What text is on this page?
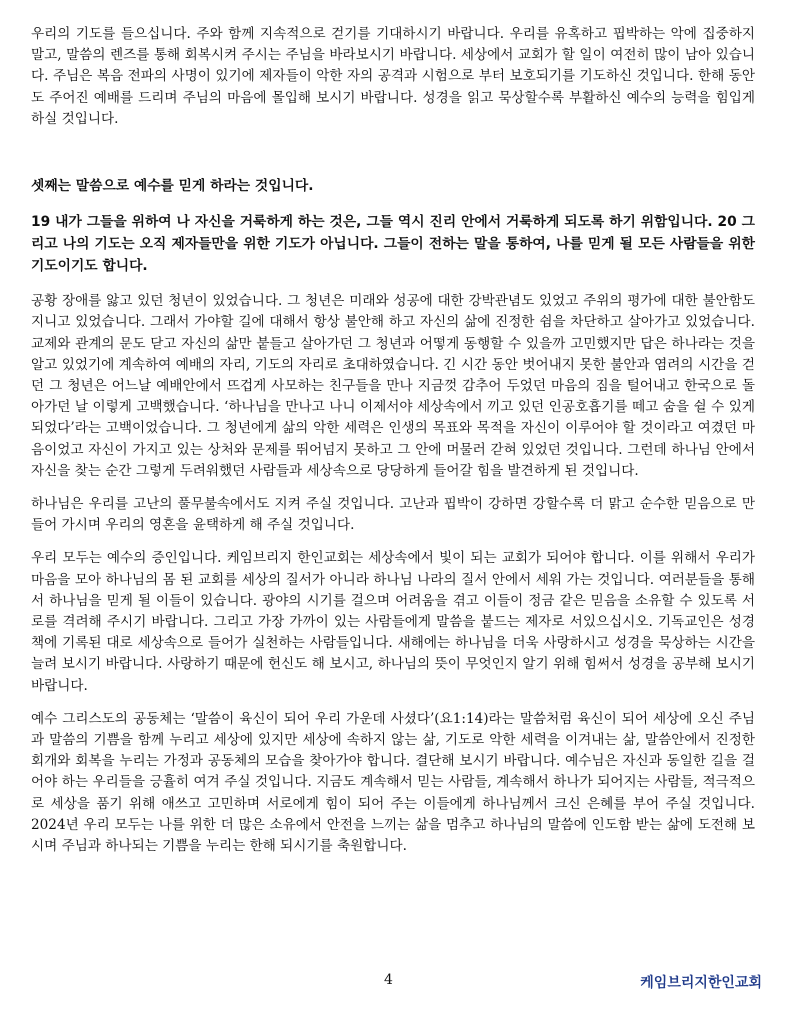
우리의 기도를 들으십니다. 주와 함께 지속적으로 걷기를 기대하시기 바랍니다. 우리를 유혹하고 핍박하는 악에 집중하지 말고, 말씀의 렌즈를 통해 회복시켜 주시는 주님을 바라보시기 바랍니다. 세상에서 교회가 할 일이 여전히 많이 남아 있습니다. 주님은 복음 전파의 사명이 있기에 제자들이 악한 자의 공격과 시험으로 부터 보호되기를 기도하신 것입니다. 한해 동안도 주어진 예배를 드리며 주님의 마음에 몰입해 보시기 바랍니다. 성경을 읽고 묵상할수록 부활하신 예수의 능력을 힘입게 하실 것입니다.

셋째는 말씀으로 예수를 믿게 하라는 것입니다.

19 내가 그들을 위하여 나 자신을 거룩하게 하는 것은, 그들 역시 진리 안에서 거룩하게 되도록 하기 위함입니다. 20 그리고 나의 기도는 오직 제자들만을 위한 기도가 아닙니다. 그들이 전하는 말을 통하여, 나를 믿게 될 모든 사람들을 위한 기도이기도 합니다.

공황 장애를 앓고 있던 청년이 있었습니다. 그 청년은 미래와 성공에 대한 강박관념도 있었고 주위의 평가에 대한 불안함도 지니고 있었습니다. 그래서 가야할 길에 대해서 항상 불안해 하고 자신의 삶에 진정한 쉼을 차단하고 살아가고 있었습니다. 교제와 관계의 문도 닫고 자신의 삶만 붙들고 살아가던 그 청년과 어떻게 동행할 수 있을까 고민했지만 답은 하나라는 것을 알고 있었기에 계속하여 예배의 자리, 기도의 자리로 초대하였습니다. 긴 시간 동안 벗어내지 못한 불안과 염려의 시간을 걷던 그 청년은 어느날 예배안에서 뜨겁게 사모하는 친구들을 만나 지금껏 감추어 두었던 마음의 짐을 털어내고 한국으로 돌아가던 날 이렇게 고백했습니다. ‘하나님을 만나고 나니 이제서야 세상속에서 끼고 있던 인공호흡기를 떼고 숨을 쉴 수 있게 되었다’라는 고백이었습니다. 그 청년에게 삶의 악한 세력은 인생의 목표와 목적을 자신이 이루어야 할 것이라고 여겼던 마음이었고 자신이 가지고 있는 상처와 문제를 뛰어넘지 못하고 그 안에 머물러 갇혀 있었던 것입니다. 그런데 하나님 안에서 자신을 찾는 순간 그렇게 두려워했던 사람들과 세상속으로 당당하게 들어갈 힘을 발견하게 된 것입니다.

하나님은 우리를 고난의 풀무불속에서도 지켜 주실 것입니다. 고난과 핍박이 강하면 강할수록 더 맑고 순수한 믿음으로 만들어 가시며 우리의 영혼을 윤택하게 해 주실 것입니다.

우리 모두는 예수의 증인입니다. 케임브리지 한인교회는 세상속에서 빛이 되는 교회가 되어야 합니다. 이를 위해서 우리가 마음을 모아 하나님의 몸 된 교회를 세상의 질서가 아니라 하나님 나라의 질서 안에서 세워 가는 것입니다. 여러분들을 통해서 하나님을 믿게 될 이들이 있습니다. 광야의 시기를 걸으며 어려움을 겪고 이들이 정금 같은 믿음을 소유할 수 있도록 서로를 격려해 주시기 바랍니다. 그리고 가장 가까이 있는 사람들에게 말씀을 붙드는 제자로 서있으십시오. 기독교인은 성경책에 기록된 대로 세상속으로 들어가 실천하는 사람들입니다. 새해에는 하나님을 더욱 사랑하시고 성경을 묵상하는 시간을 늘려 보시기 바랍니다. 사랑하기 때문에 헌신도 해 보시고, 하나님의 뜻이 무엇인지 알기 위해 힘써서 성경을 공부해 보시기 바랍니다.

예수 그리스도의 공동체는 ‘말씀이 육신이 되어 우리 가운데 사셨다’(요1:14)라는 말씀처럼 육신이 되어 세상에 오신 주님과 말씀의 기쁨을 함께 누리고 세상에 있지만 세상에 속하지 않는 삶, 기도로 악한 세력을 이겨내는 삶, 말씀안에서 진정한 회개와 회복을 누리는 가정과 공동체의 모습을 찾아가야 합니다. 결단해 보시기 바랍니다. 예수님은 자신과 동일한 길을 걸어야 하는 우리들을 긍휼히 여겨 주실 것입니다. 지금도 계속해서 믿는 사람들, 계속해서 하나가 되어지는 사람들, 적극적으로 세상을 품기 위해 애쓰고 고민하며 서로에게 힘이 되어 주는 이들에게 하나님께서 크신 은혜를 부어 주실 것입니다. 2024년 우리 모두는 나를 위한 더 많은 소유에서 안전을 느끼는 삶을 멈추고 하나님의 말씀에 인도함 받는 삶에 도전해 보시며 주님과 하나되는 기쁨을 누리는 한해 되시기를 축원합니다.

4	케임브리지한인교회
